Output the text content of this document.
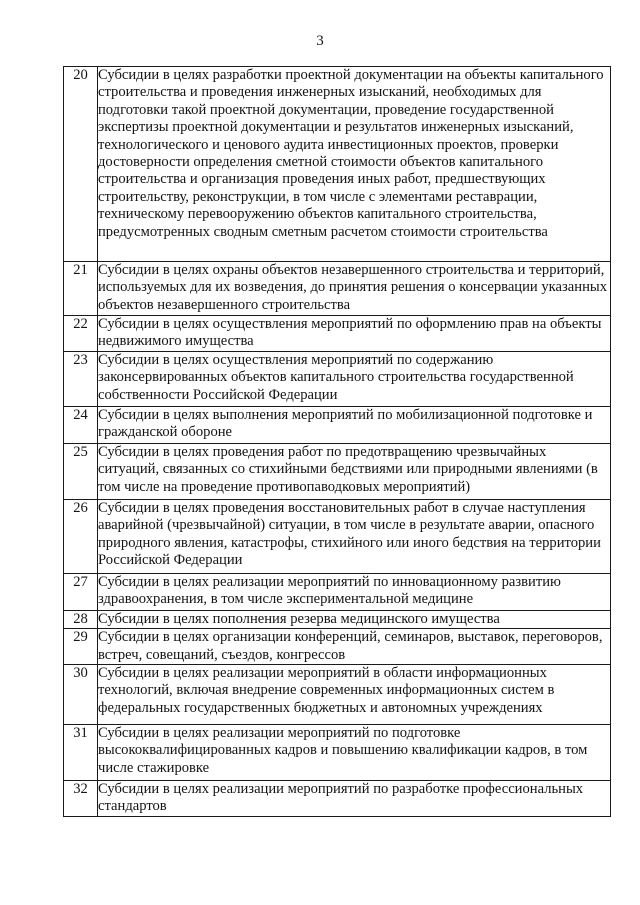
3
20	Субсидии в целях разработки проектной документации на объекты капитального строительства и проведения инженерных изысканий, необходимых для подготовки такой проектной документации, проведение государственной экспертизы проектной документации и результатов инженерных изысканий, технологического и ценового аудита инвестиционных проектов, проверки достоверности определения сметной стоимости объектов капитального строительства и организация проведения иных работ, предшествующих строительству, реконструкции, в том числе с элементами реставрации, техническому перевооружению объектов капитального строительства, предусмотренных сводным сметным расчетом стоимости строительства
21	Субсидии в целях охраны объектов незавершенного строительства и территорий, используемых для их возведения, до принятия решения о консервации указанных объектов незавершенного строительства
22	Субсидии в целях осуществления мероприятий по оформлению прав на объекты недвижимого имущества
23	Субсидии в целях осуществления мероприятий по содержанию законсервированных объектов капитального строительства государственной собственности Российской Федерации
24	Субсидии в целях выполнения мероприятий по мобилизационной подготовке и гражданской обороне
25	Субсидии в целях проведения работ по предотвращению чрезвычайных ситуаций, связанных со стихийными бедствиями или природными явлениями (в том числе на проведение противопаводковых мероприятий)
26	Субсидии в целях проведения восстановительных работ в случае наступления аварийной (чрезвычайной) ситуации, в том числе в результате аварии, опасного природного явления, катастрофы, стихийного или иного бедствия на территории Российской Федерации
27	Субсидии в целях реализации мероприятий по инновационному развитию здравоохранения, в том числе экспериментальной медицине
28	Субсидии в целях пополнения резерва медицинского имущества
29	Субсидии в целях организации конференций, семинаров, выставок, переговоров, встреч, совещаний, съездов, конгрессов
30	Субсидии в целях реализации мероприятий в области информационных технологий, включая внедрение современных информационных систем в федеральных государственных бюджетных и автономных учреждениях
31	Субсидии в целях реализации мероприятий по подготовке высококвалифицированных кадров и повышению квалификации кадров, в том числе стажировке
32	Субсидии в целях реализации мероприятий по разработке профессиональных стандартов
